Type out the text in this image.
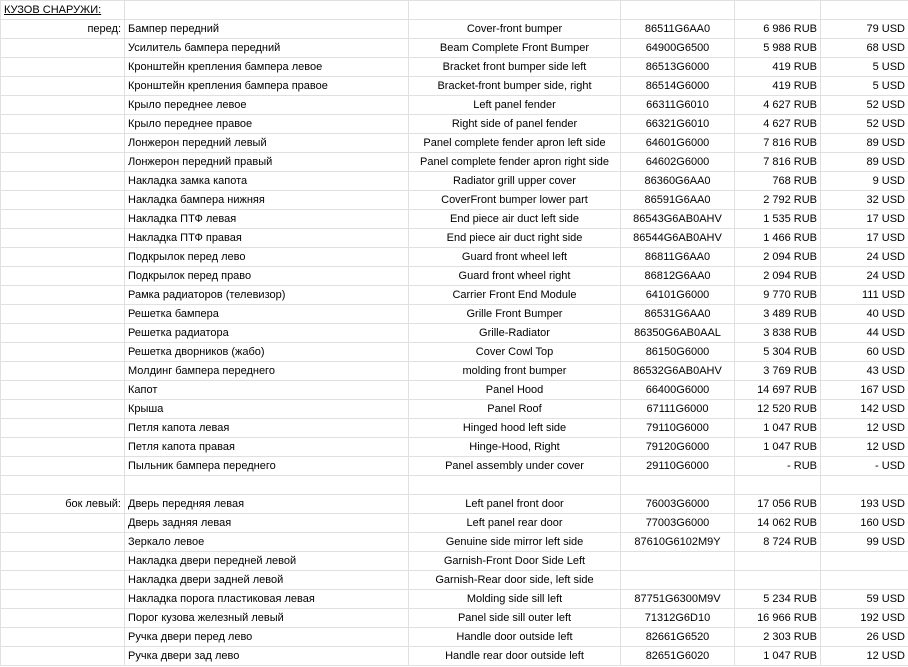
КУЗОВ СНАРУЖИ:					
перед:	Бампер передний	Cover-front bumper	86511G6AA0	6 986 RUB	79 USD
	Усилитель бампера передний	Beam Complete Front Bumper	64900G6500	5 988 RUB	68 USD
	Кронштейн крепления бампера левое	Bracket front bumper side left	86513G6000	419 RUB	5 USD
	Кронштейн крепления бампера правое	Bracket-front bumper side, right	86514G6000	419 RUB	5 USD
	Крыло переднее левое	Left panel fender	66311G6010	4 627 RUB	52 USD
	Крыло переднее правое	Right side of panel fender	66321G6010	4 627 RUB	52 USD
	Лонжерон передний левый	Panel complete fender apron left side	64601G6000	7 816 RUB	89 USD
	Лонжерон передний правый	Panel complete fender apron right side	64602G6000	7 816 RUB	89 USD
	Накладка замка капота	Radiator grill upper cover	86360G6AA0	768 RUB	9 USD
	Накладка бампера нижняя	CoverFront bumper lower part	86591G6AA0	2 792 RUB	32 USD
	Накладка ПТФ левая	End piece air duct left side	86543G6AB0AHV	1 535 RUB	17 USD
	Накладка ПТФ правая	End piece air duct right side	86544G6AB0AHV	1 466 RUB	17 USD
	Подкрылок перед лево	Guard front wheel left	86811G6AA0	2 094 RUB	24 USD
	Подкрылок перед право	Guard front wheel right	86812G6AA0	2 094 RUB	24 USD
	Рамка радиаторов (телевизор)	Carrier Front End Module	64101G6000	9 770 RUB	111 USD
	Решетка бампера	Grille Front Bumper	86531G6AA0	3 489 RUB	40 USD
	Решетка радиатора	Grille-Radiator	86350G6AB0AAL	3 838 RUB	44 USD
	Решетка дворников (жабо)	Cover Cowl Top	86150G6000	5 304 RUB	60 USD
	Молдинг бампера переднего	molding front bumper	86532G6AB0AHV	3 769 RUB	43 USD
	Капот	Panel Hood	66400G6000	14 697 RUB	167 USD
	Крыша	Panel Roof	67111G6000	12 520 RUB	142 USD
	Петля капота левая	Hinged hood left side	79110G6000	1 047 RUB	12 USD
	Петля капота правая	Hinge-Hood, Right	79120G6000	1 047 RUB	12 USD
	Пыльник бампера переднего	Panel assembly under cover	29110G6000	- RUB	- USD

бок левый:	Дверь передняя левая	Left panel front door	76003G6000	17 056 RUB	193 USD
	Дверь задняя левая	Left panel rear door	77003G6000	14 062 RUB	160 USD
	Зеркало левое	Genuine side mirror left side	87610G6102M9Y	8 724 RUB	99 USD
	Накладка двери передней левой	Garnish-Front Door Side Left			
	Накладка двери задней левой	Garnish-Rear door side, left side			
	Накладка порога пластиковая левая	Molding side sill left	87751G6300M9V	5 234 RUB	59 USD
	Порог кузова железный левый	Panel side sill outer left	71312G6D10	16 966 RUB	192 USD
	Ручка двери перед лево	Handle door outside left	82661G6520	2 303 RUB	26 USD
	Ручка двери зад лево	Handle rear door outside left	82651G6020	1 047 RUB	12 USD
